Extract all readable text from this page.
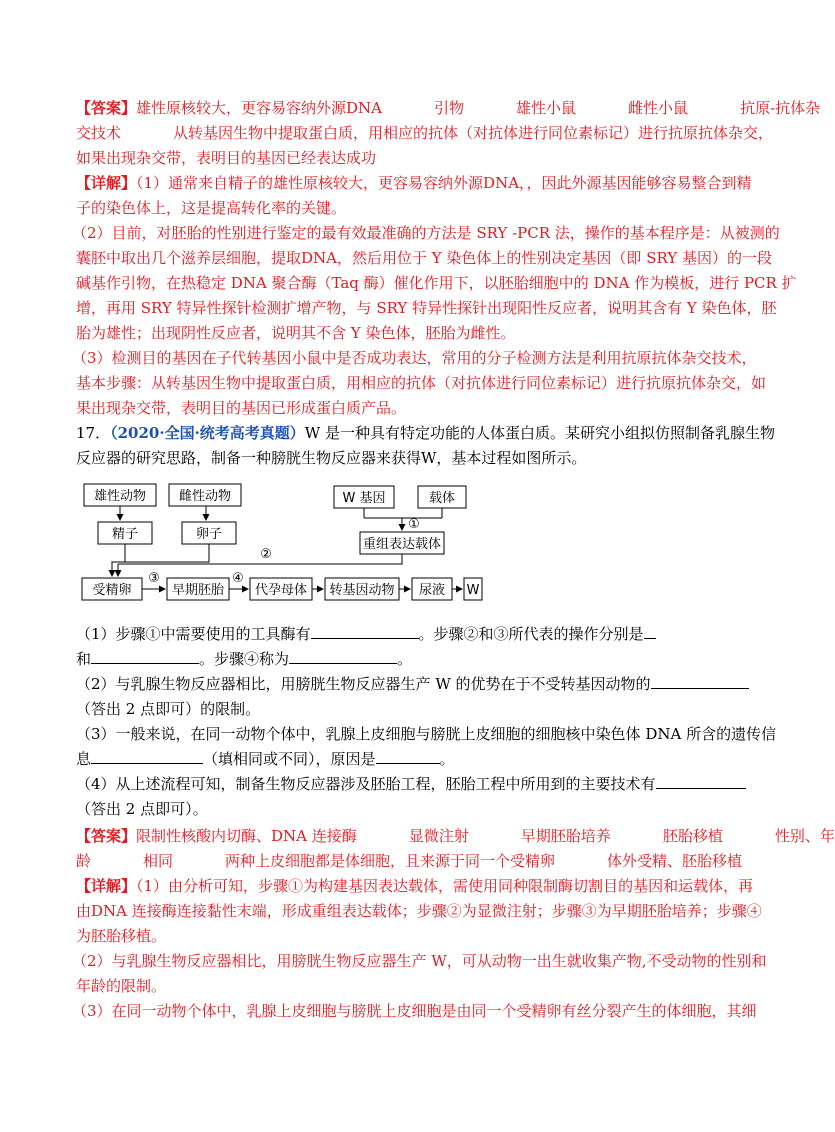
【答案】雄性原核较大，更容易容纳外源DNA	引物	雄性小鼠	雌性小鼠	抗原-抗体杂
交技术	从转基因生物中提取蛋白质，用相应的抗体（对抗体进行同位素标记）进行抗原抗体杂交，
如果出现杂交带，表明目的基因已经表达成功
【详解】（1）通常来自精子的雄性原核较大，更容易容纳外源DNA，，因此外源基因能够容易整合到精
子的染色体上，这是提高转化率的关键。
（2）目前，对胚胎的性别进行鉴定的最有效最准确的方法是 SRY -PCR 法，操作的基本程序是：从被测的
囊胚中取出几个滋养层细胞，提取DNA，然后用位于 Y 染色体上的性别决定基因（即 SRY 基因）的一段
碱基作引物，在热稳定 DNA 聚合酶（Taq 酶）催化作用下，以胚胎细胞中的 DNA 作为模板，进行 PCR 扩
增，再用 SRY 特异性探针检测扩增产物，与 SRY 特异性探针出现阳性反应者，说明其含有 Y 染色体，胚
胎为雄性；出现阴性反应者，说明其不含 Y 染色体，胚胎为雌性。
（3）检测目的基因在子代转基因小鼠中是否成功表达，常用的分子检测方法是利用抗原抗体杂交技术，
基本步骤：从转基因生物中提取蛋白质，用相应的抗体（对抗体进行同位素标记）进行抗原抗体杂交，如
果出现杂交带，表明目的基因已形成蛋白质产品。
17．（2020·全国·统考高考真题）W 是一种具有特定功能的人体蛋白质。某研究小组拟仿照制备乳腺生物
反应器的研究思路，制备一种膀胱生物反应器来获得W，基本过程如图所示。
雄性动物	雌性动物
精子	卵子
W 基因	载体
重组表达载体
受精卵	早期胚胎 代孕母体 转基因动物 尿液 W
①
②
③	④
（1）步骤①中需要使用的工具酶有	。步骤②和③所代表的操作分别是
和	。步骤④称为	。
（2）与乳腺生物反应器相比，用膀胱生物反应器生产 W 的优势在于不受转基因动物的
（答出 2 点即可）的限制。
（3）一般来说，在同一动物个体中，乳腺上皮细胞与膀胱上皮细胞的细胞核中染色体 DNA 所含的遗传信
息	（填相同或不同），原因是	。
（4）从上述流程可知，制备生物反应器涉及胚胎工程，胚胎工程中所用到的主要技术有
（答出 2 点即可）。
【答案】限制性核酸内切酶、DNA 连接酶	显微注射	早期胚胎培养	胚胎移植	性别、年
龄	相同	两种上皮细胞都是体细胞，且来源于同一个受精卵	体外受精、胚胎移植
【详解】（1）由分析可知，步骤①为构建基因表达载体，需使用同种限制酶切割目的基因和运载体，再
由DNA 连接酶连接黏性末端，形成重组表达载体；步骤②为显微注射；步骤③为早期胚胎培养；步骤④
为胚胎移植。
（2）与乳腺生物反应器相比，用膀胱生物反应器生产 W，可从动物一出生就收集产物,不受动物的性别和
年龄的限制。
（3）在同一动物个体中，乳腺上皮细胞与膀胱上皮细胞是由同一个受精卵有丝分裂产生的体细胞，其细
